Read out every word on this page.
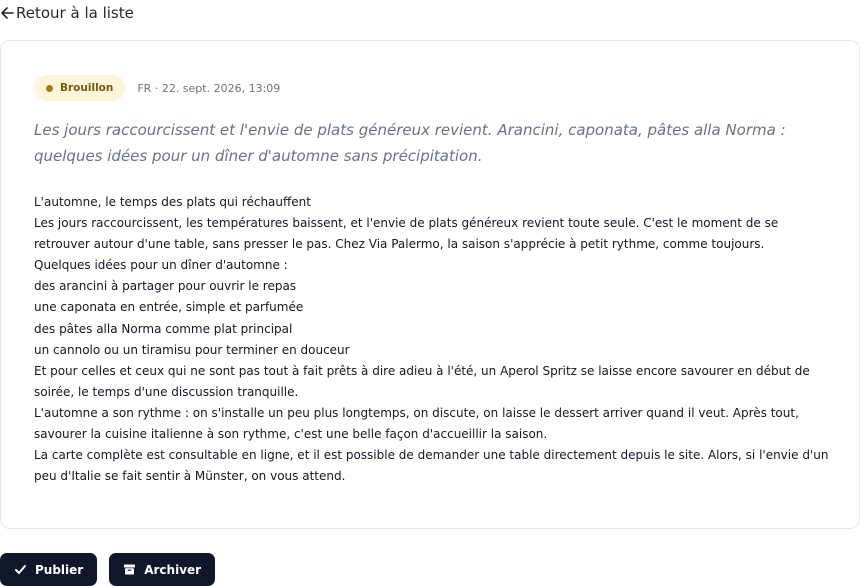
Retour à la liste
Brouillon FR · 22. sept. 2026, 13:09
Les jours raccourcissent et l'envie de plats généreux revient. Arancini, caponata, pâtes alla Norma : quelques idées pour un dîner d'automne sans précipitation.

L'automne, le temps des plats qui réchauffent

Les jours raccourcissent, les températures baissent, et l'envie de plats généreux revient toute seule. C'est le moment de se retrouver autour d'une table, sans presser le pas. Chez Via Palermo, la saison s'apprécie à petit rythme, comme toujours.

Quelques idées pour un dîner d'automne :

des arancini à partager pour ouvrir le repas

une caponata en entrée, simple et parfumée

des pâtes alla Norma comme plat principal

un cannolo ou un tiramisu pour terminer en douceur

Et pour celles et ceux qui ne sont pas tout à fait prêts à dire adieu à l'été, un Aperol Spritz se laisse encore savourer en début de soirée, le temps d'une discussion tranquille.

L'automne a son rythme : on s'installe un peu plus longtemps, on discute, on laisse le dessert arriver quand il veut. Après tout, savourer la cuisine italienne à son rythme, c'est une belle façon d'accueillir la saison.

La carte complète est consultable en ligne, et il est possible de demander une table directement depuis le site. Alors, si l'envie d'un peu d'Italie se fait sentir à Münster, on vous attend.

Publier	Archiver
